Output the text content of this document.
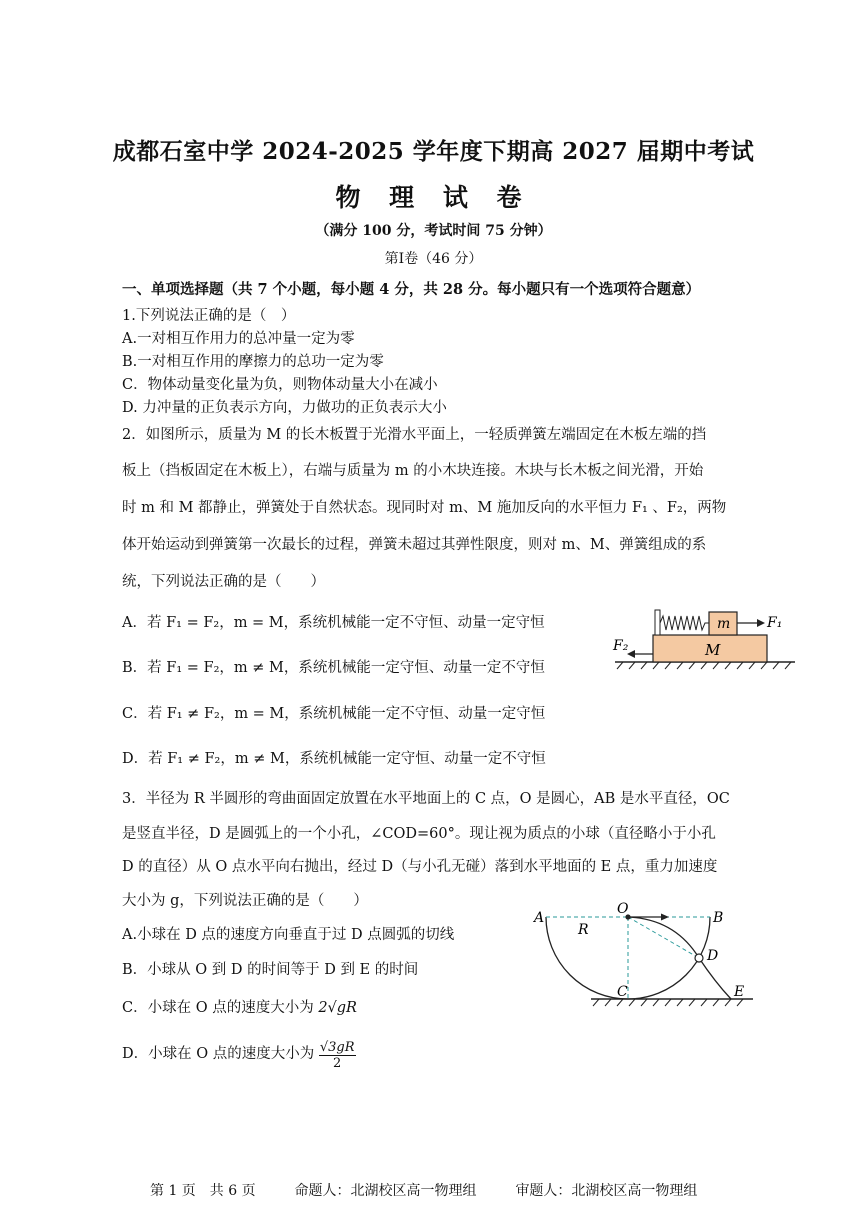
成都石室中学 2024-2025 学年度下期高 2027 届期中考试
物 理 试 卷
（满分 100 分，考试时间 75 分钟）
第Ⅰ卷（46 分）
一、单项选择题（共 7 个小题，每小题 4 分，共 28 分。每小题只有一个选项符合题意）
1.下列说法正确的是（　）
A.一对相互作用力的总冲量一定为零
B.一对相互作用的摩擦力的总功一定为零
C．物体动量变化量为负，则物体动量大小在减小
D. 力冲量的正负表示方向，力做功的正负表示大小
2．如图所示，质量为 M 的长木板置于光滑水平面上，一轻质弹簧左端固定在木板左端的挡
板上（挡板固定在木板上），右端与质量为 m 的小木块连接。木块与长木板之间光滑，开始
时 m 和 M 都静止，弹簧处于自然状态。现同时对 m、M 施加反向的水平恒力 F₁ 、F₂，两物
体开始运动到弹簧第一次最长的过程，弹簧未超过其弹性限度，则对 m、M、弹簧组成的系
统，下列说法正确的是（　　）
A．若 F₁ = F₂，m = M，系统机械能一定不守恒、动量一定守恒
B．若 F₁ = F₂，m ≠ M，系统机械能一定守恒、动量一定不守恒
C．若 F₁ ≠ F₂，m = M，系统机械能一定不守恒、动量一定守恒
D．若 F₁ ≠ F₂，m ≠ M，系统机械能一定守恒、动量一定不守恒
M
m	F₁
F₂
3．半径为 R 半圆形的弯曲面固定放置在水平地面上的 C 点，O 是圆心，AB 是水平直径，OC
是竖直半径，D 是圆弧上的一个小孔，∠COD=60°。现让视为质点的小球（直径略小于小孔
D 的直径）从 O 点水平向右抛出，经过 D（与小孔无碰）落到水平地面的 E 点，重力加速度
大小为 g，下列说法正确的是（　　）
A.小球在 D 点的速度方向垂直于过 D 点圆弧的切线
B．小球从 O 到 D 的时间等于 D 到 E 的时间
C．小球在 O 点的速度大小为 2√gR
D．小球在 O 点的速度大小为 $\frac{√3gR}{2}$
A	B
O
R
D
C	E
第 1 页　共 6 页	命题人：北湖校区高一物理组	审题人：北湖校区高一物理组
